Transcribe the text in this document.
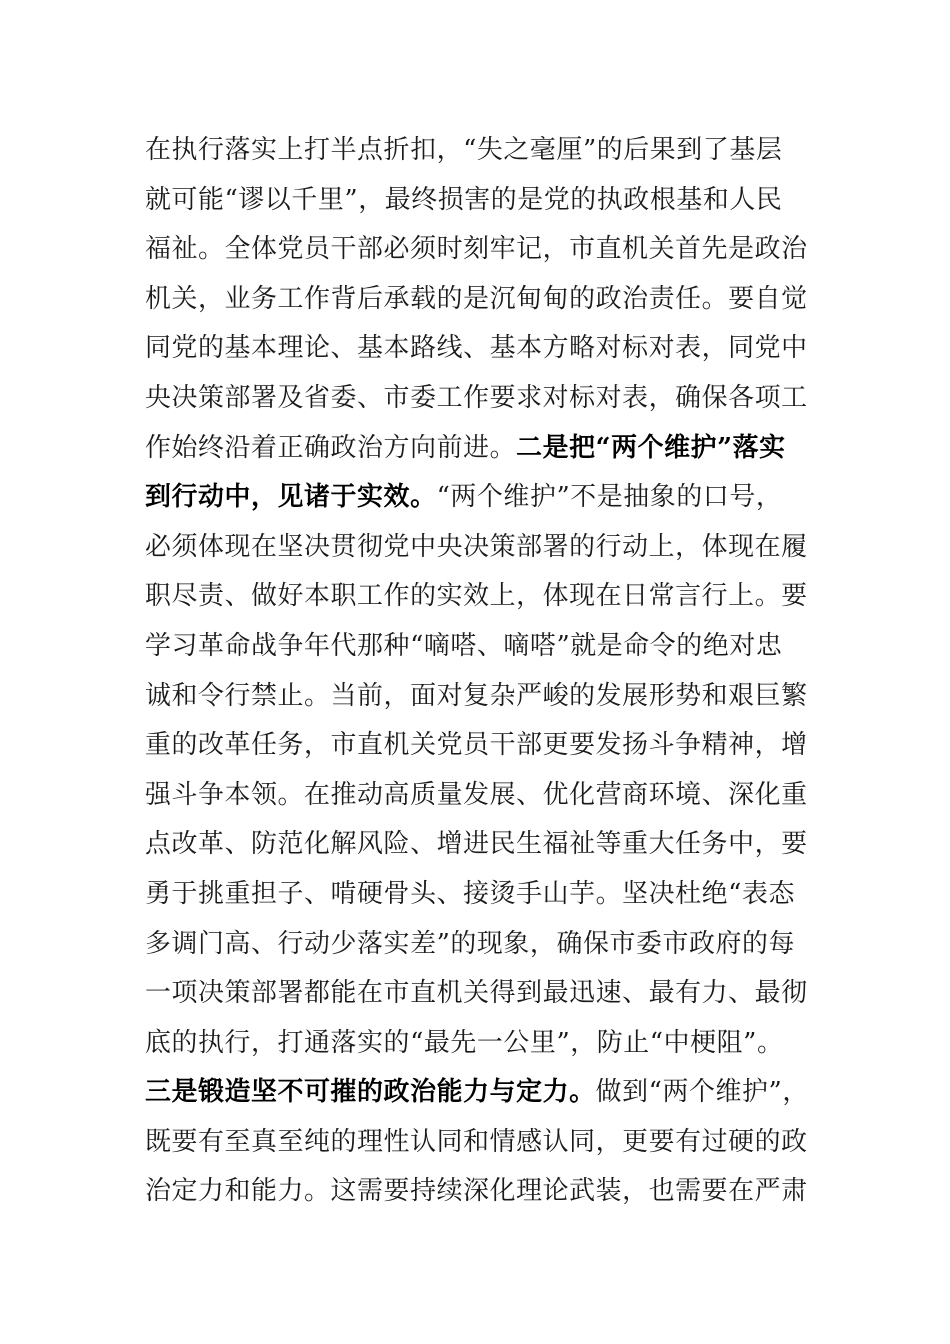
在执行落实上打半点折扣，“失之毫厘”的后果到了基层
就可能“谬以千里”，最终损害的是党的执政根基和人民
福祉。全体党员干部必须时刻牢记，市直机关首先是政治
机关，业务工作背后承载的是沉甸甸的政治责任。要自觉
同党的基本理论、基本路线、基本方略对标对表，同党中
央决策部署及省委、市委工作要求对标对表，确保各项工
作始终沿着正确政治方向前进。二是把“两个维护”落实
到行动中，见诸于实效。“两个维护”不是抽象的口号，
必须体现在坚决贯彻党中央决策部署的行动上，体现在履
职尽责、做好本职工作的实效上，体现在日常言行上。要
学习革命战争年代那种“嘀嗒、嘀嗒”就是命令的绝对忠
诚和令行禁止。当前，面对复杂严峻的发展形势和艰巨繁
重的改革任务，市直机关党员干部更要发扬斗争精神，增
强斗争本领。在推动高质量发展、优化营商环境、深化重
点改革、防范化解风险、增进民生福祉等重大任务中，要
勇于挑重担子、啃硬骨头、接烫手山芋。坚决杜绝“表态
多调门高、行动少落实差”的现象，确保市委市政府的每
一项决策部署都能在市直机关得到最迅速、最有力、最彻
底的执行，打通落实的“最先一公里”，防止“中梗阻”。
三是锻造坚不可摧的政治能力与定力。做到“两个维护”，
既要有至真至纯的理性认同和情感认同，更要有过硬的政
治定力和能力。这需要持续深化理论武装，也需要在严肃
